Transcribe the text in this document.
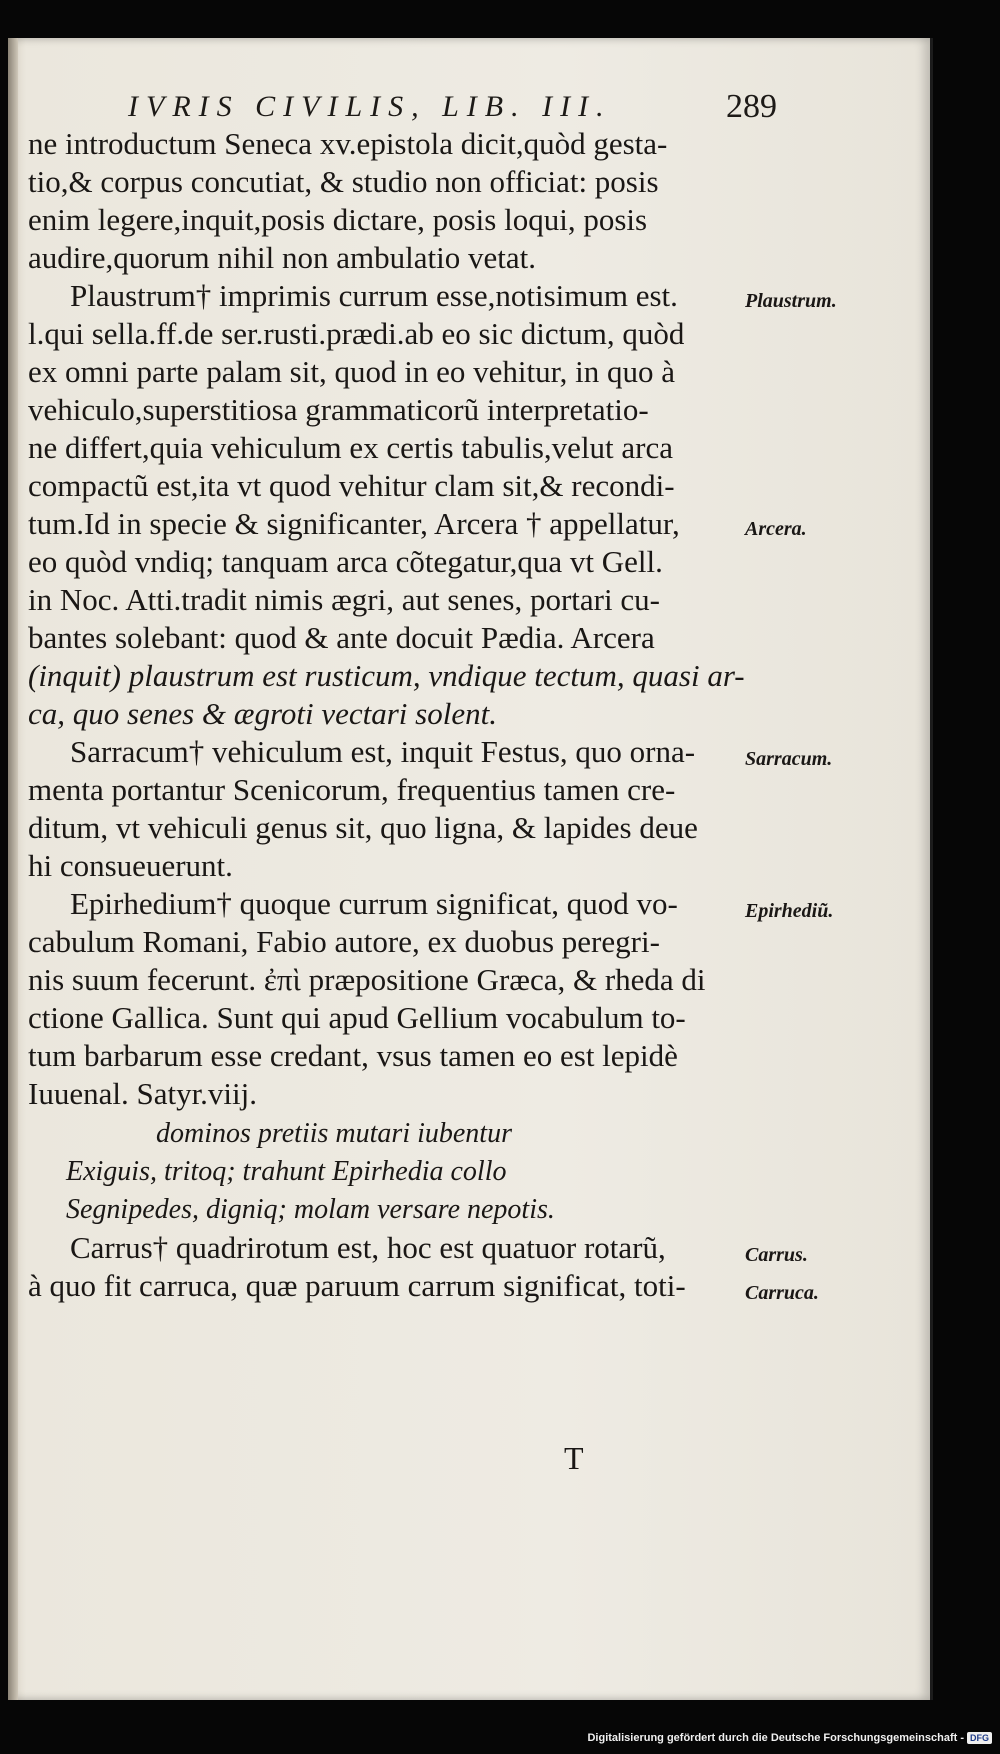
IVRIS CIVILIS, LIB. III.	289
ne introductum Seneca xv.epistola dicit,quòd gesta-
tio,& corpus concutiat, & studio non officiat: posis
enim legere,inquit,posis dictare, posis loqui, posis
audire,quorum nihil non ambulatio vetat.
Plaustrum† imprimis currum esse,notisimum est.
l.qui sella.ff.de ser.rusti.prædi.ab eo sic dictum, quòd
ex omni parte palam sit, quod in eo vehitur, in quo à
vehiculo,superstitiosa grammaticorũ interpretatio-
ne differt,quia vehiculum ex certis tabulis,velut arca
compactũ est,ita vt quod vehitur clam sit,& recondi-
tum.Id in specie & significanter, Arcera † appellatur,
eo quòd vndiq; tanquam arca cõtegatur,qua vt Gell.
in Noc. Atti.tradit nimis ægri, aut senes, portari cu-
bantes solebant: quod & ante docuit Pædia. Arcera
(inquit) plaustrum est rusticum, vndique tectum, quasi ar-
ca, quo senes & ægroti vectari solent.
Sarracum† vehiculum est, inquit Festus, quo orna-
menta portantur Scenicorum, frequentius tamen cre-
ditum, vt vehiculi genus sit, quo ligna, & lapides deue
hi consueuerunt.
Epirhedium† quoque currum significat, quod vo-
cabulum Romani, Fabio autore, ex duobus peregri-
nis suum fecerunt. ἐπὶ præpositione Græca, & rheda di
ctione Gallica. Sunt qui apud Gellium vocabulum to-
tum barbarum esse credant, vsus tamen eo est lepidè
Iuuenal. Satyr.viij.
dominos pretiis mutari iubentur
Exiguis, tritoq; trahunt Epirhedia collo
Segnipedes, digniq; molam versare nepotis.
Carrus† quadrirotum est, hoc est quatuor rotarũ,
à quo fit carruca, quæ paruum carrum significat, toti-
T
Plaustrum.
Arcera.
Sarracum.
Epirhediũ.
Carrus.
Carruca.
Digitalisierung gefördert durch die Deutsche Forschungsgemeinschaft - DFG
